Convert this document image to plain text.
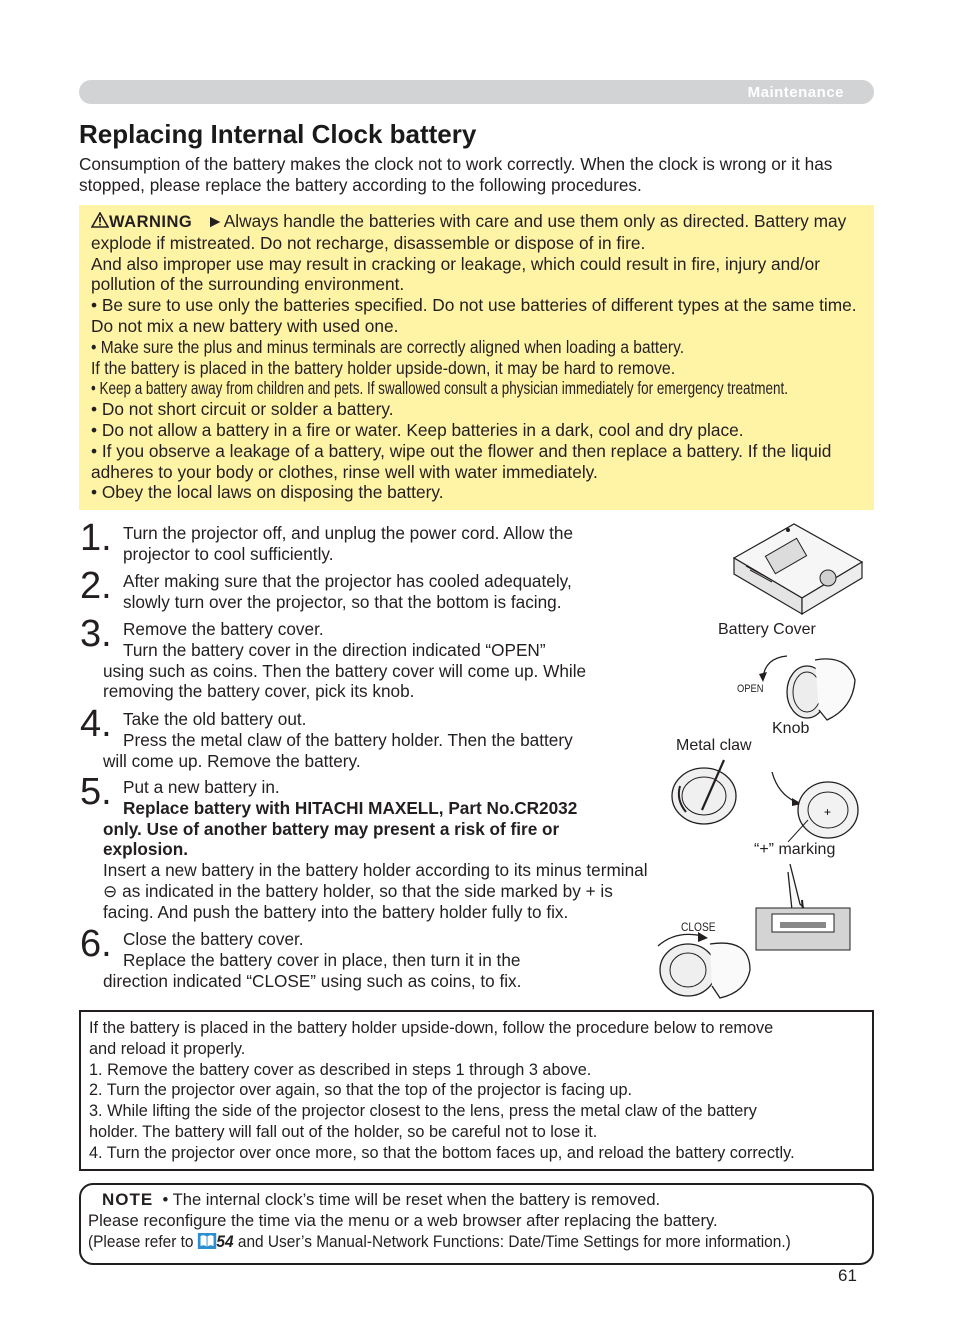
Maintenance
Replacing Internal Clock battery
Consumption of the battery makes the clock not to work correctly. When the clock is wrong or it has stopped, please replace the battery according to the following procedures.
WARNING ►Always handle the batteries with care and use them only as directed. Battery may explode if mistreated. Do not recharge, disassemble or dispose of in fire.
And also improper use may result in cracking or leakage, which could result in fire, injury and/or pollution of the surrounding environment.
• Be sure to use only the batteries specified. Do not use batteries of different types at the same time. Do not mix a new battery with used one.
• Make sure the plus and minus terminals are correctly aligned when loading a battery.
If the battery is placed in the battery holder upside-down, it may be hard to remove.
• Keep a battery away from children and pets. If swallowed consult a physician immediately for emergency treatment.
• Do not short circuit or solder a battery.
• Do not allow a battery in a fire or water. Keep batteries in a dark, cool and dry place.
• If you observe a leakage of a battery, wipe out the flower and then replace a battery. If the liquid adheres to your body or clothes, rinse well with water immediately.
• Obey the local laws on disposing the battery.
1. Turn the projector off, and unplug the power cord. Allow the
projector to cool sufficiently.
2. After making sure that the projector has cooled adequately,
slowly turn over the projector, so that the bottom is facing.
3. Remove the battery cover.
Turn the battery cover in the direction indicated “OPEN”
using such as coins. Then the battery cover will come up. While
removing the battery cover, pick its knob.
4. Take the old battery out.
Press the metal claw of the battery holder. Then the battery
will come up. Remove the battery.
5. Put a new battery in.
Replace battery with HITACHI MAXELL, Part No.CR2032
only. Use of another battery may present a risk of fire or
explosion.
Insert a new battery in the battery holder according to its minus terminal
⊖ as indicated in the battery holder, so that the side marked by + is
facing. And push the battery into the battery holder fully to fix.
6. Close the battery cover.
Replace the battery cover in place, then turn it in the
direction indicated “CLOSE” using such as coins, to fix.
Battery Cover
OPEN
Knob
Metal claw
+
“+” marking
CLOSE
If the battery is placed in the battery holder upside-down, follow the procedure below to remove
and reload it properly.
1. Remove the battery cover as described in steps 1 through 3 above.
2. Turn the projector over again, so that the top of the projector is facing up.
3. While lifting the side of the projector closest to the lens, press the metal claw of the battery
holder. The battery will fall out of the holder, so be careful not to lose it.
4. Turn the projector over once more, so that the bottom faces up, and reload the battery correctly.
NOTE • The internal clock’s time will be reset when the battery is removed.
Please reconfigure the time via the menu or a web browser after replacing the battery.
(Please refer to 54 and User’s Manual-Network Functions: Date/Time Settings for more information.)
61
